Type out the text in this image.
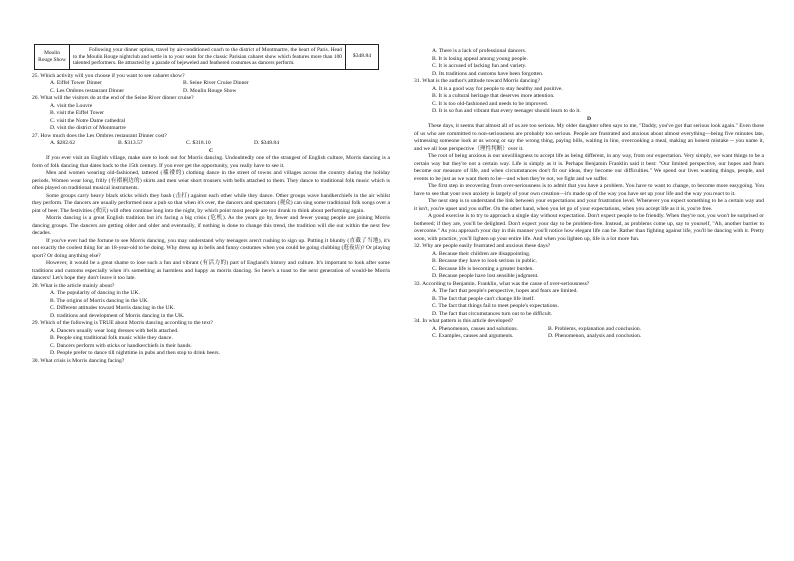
Moulin Rouge Show	Following your dinner option, travel by air-conditioned coach to the district of Montmartre, the heart of Paris. Head to the Moulin Rouge nightclub and settle in to your seats for the classic Parisian cabaret show which features more than 100 talented performers. Be attracted by a parade of bejeweled and feathered costumes as dancers perform.	$348.84

25. Which activity will you choose if you want to see cabaret show?

A. Eiffel Tower Dinner	B. Seine River Cruise Dinner
C. Les Ombres restaurant Dinner	D. Moulin Rouge Show

26. What will the visitors do at the end of the Seine River dinner cruise?

A. visit the Louvre

B. visit the Eiffel Tower

C. visit the Notre Dame cathedral

D. visit the district of Montmartre

27. How much does the Les Ombres restaurant Dinner cost?

A. $282.62	B. $313.57	C. $318.10	D. $348.84

C

If you ever visit an English village, make sure to look out for Morris dancing. Undoubtedly one of the strangest of English culture, Morris dancing is a form of folk dancing that dates back to the 15th century. If you ever get the opportunity, you really have to see it.

Men and women wearing old-fashioned, tattered (褴褛的) clothing dance in the street of towns and villages across the country during the holiday periods. Women wear long, frilly (有褶裥边的) skirts and men wear short trousers with bells attached to them. They dance to traditional folk music which is often played on traditional musical instruments.

Some groups carry heavy black sticks which they bash (击打) against each other while they dance. Other groups wave handkerchiefs in the air whilst they perform. The dancers are usually performed near a pub so that when it's over, the dancers and spectators (观众) can sing some traditional folk songs over a pint of beer. The festivities (欢庆) will often continue long into the night, by which point most people are too drunk to think about performing again.

Morris dancing is a great English tradition but it's facing a big crisis (危机). As the years go by, fewer and fewer young people are joining Morris dancing groups. The dancers are getting older and older and eventually, if nothing is done to change this trend, the tradition will die out within the next few decades.

If you've ever had the fortune to see Morris dancing, you may understand why teenagers aren't rushing to sign up. Putting it bluntly (直截了当地), it's not exactly the coolest thing for an 18-year-old to be doing. Why dress up in bells and funny costumes when you could be going clubbing (逛夜店)? Or playing sport? Or doing anything else?

However, it would be a great shame to lose such a fun and vibrant (有活力的) part of England's history and culture. It's important to look after some traditions and customs especially when it's something as harmless and happy as morris dancing. So here's a toast to the next generation of would-be Morris dancers! Let's hope they don't leave it too late.

28. What is the article mainly about?

A. The popularity of dancing in the UK.

B. The origins of Morris dancing in the UK.

C. Different attitudes toward Morris dancing in the UK.

D. traditions and development of Morris dancing in the UK.

29. Which of the following is TRUE about Morris dancing according to the text?

A. Dancers usually wear long dresses with bells attached.

B. People sing traditional folk music while they dance.

C. Dancers perform with sticks or handkerchiefs in their hands.

D. People prefer to dance till nighttime in pubs and then stop to drink beers.

30. What crisis is Morris dancing facing?

A. There is a lack of professional dancers.

B. It is losing appeal among young people.

C. It is accused of lacking fun and variety.

D. Its traditions and customs have been forgotten.

31. What is the author's attitude toward Morris dancing?

A. It is a good way for people to stay healthy and positive.

B. It is a cultural heritage that deserves more attention.

C. It is too old-fashioned and needs to be improved.

D. It is so fun and vibrant that every teenager should learn to do it.

D

These days, it seems that almost all of us are too serious. My older daughter often says to me, "Daddy, you've got that serious look again." Even those of us who are committed to non-seriousness are probably too serious. People are frustrated and anxious about almost everything—being five minutes late, witnessing someone look at us wrong or say the wrong thing, paying bills, waiting in line, overcooking a meal, making an honest mistake -- you name it, and we all lose perspective（理性判断）over it.

The root of being anxious is our unwillingness to accept life as being different, in any way, from our expectation. Very simply, we want things to be a certain way but they're not a certain way. Life is simply as it is. Perhaps Benjamin Franklin said it best: "Our limited perspective, our hopes and fears become our measure of life, and when circumstances don't fit our ideas, they become our difficulties." We spend our lives wanting things, people, and events to be just as we want them to be—and when they're not, we fight and we suffer.

The first step in recovering from over-seriousness is to admit that you have a problem. You have to want to change, to become more easygoing. You have to see that your own anxiety is largely of your own creation—it's made up of the way you have set up your life and the way you react to it.

The next step is to understand the link between your expectations and your frustration level. Whenever you expect something to be a certain way and it isn't, you're upset and you suffer. On the other hand, when you let go of your expectations, when you accept life as it is, you're free.

A good exercise is to try to approach a single day without expectation. Don't expect people to be friendly. When they're not, you won't be surprised or bothered; if they are, you'll be delighted. Don't expect your day to be problem-free. Instead, as problems come up, say to yourself, "Ah, another barrier to overcome." As you approach your day in this manner you'll notice how elegant life can be. Rather than fighting against life, you'll be dancing with it. Pretty soon, with practice, you'll lighten up your entire life. And when you lighten up, life is a lot more fun.

32. Why are people easily frustrated and anxious these days?

A. Because their children are disappointing.

B. Because they have to look serious in public.

C. Because life is becoming a greater burden.

D. Because people have lost sensible judgment.

33. According to Benjamin. Franklin, what was the cause of over-seriousness?

A. The fact that people's perspective, hopes and fears are limited.

B. The fact that people can't change life itself.

C. The fact that things fail to meet people's expectations.

D. The fact that circumstances turn out to be difficult.

34. In what pattern is this article developed?

A. Phenomenon, causes and solutions.	B. Problems, explanation and conclusion.
C. Examples, causes and arguments.	D. Phenomenon, analysis and conclusion.
